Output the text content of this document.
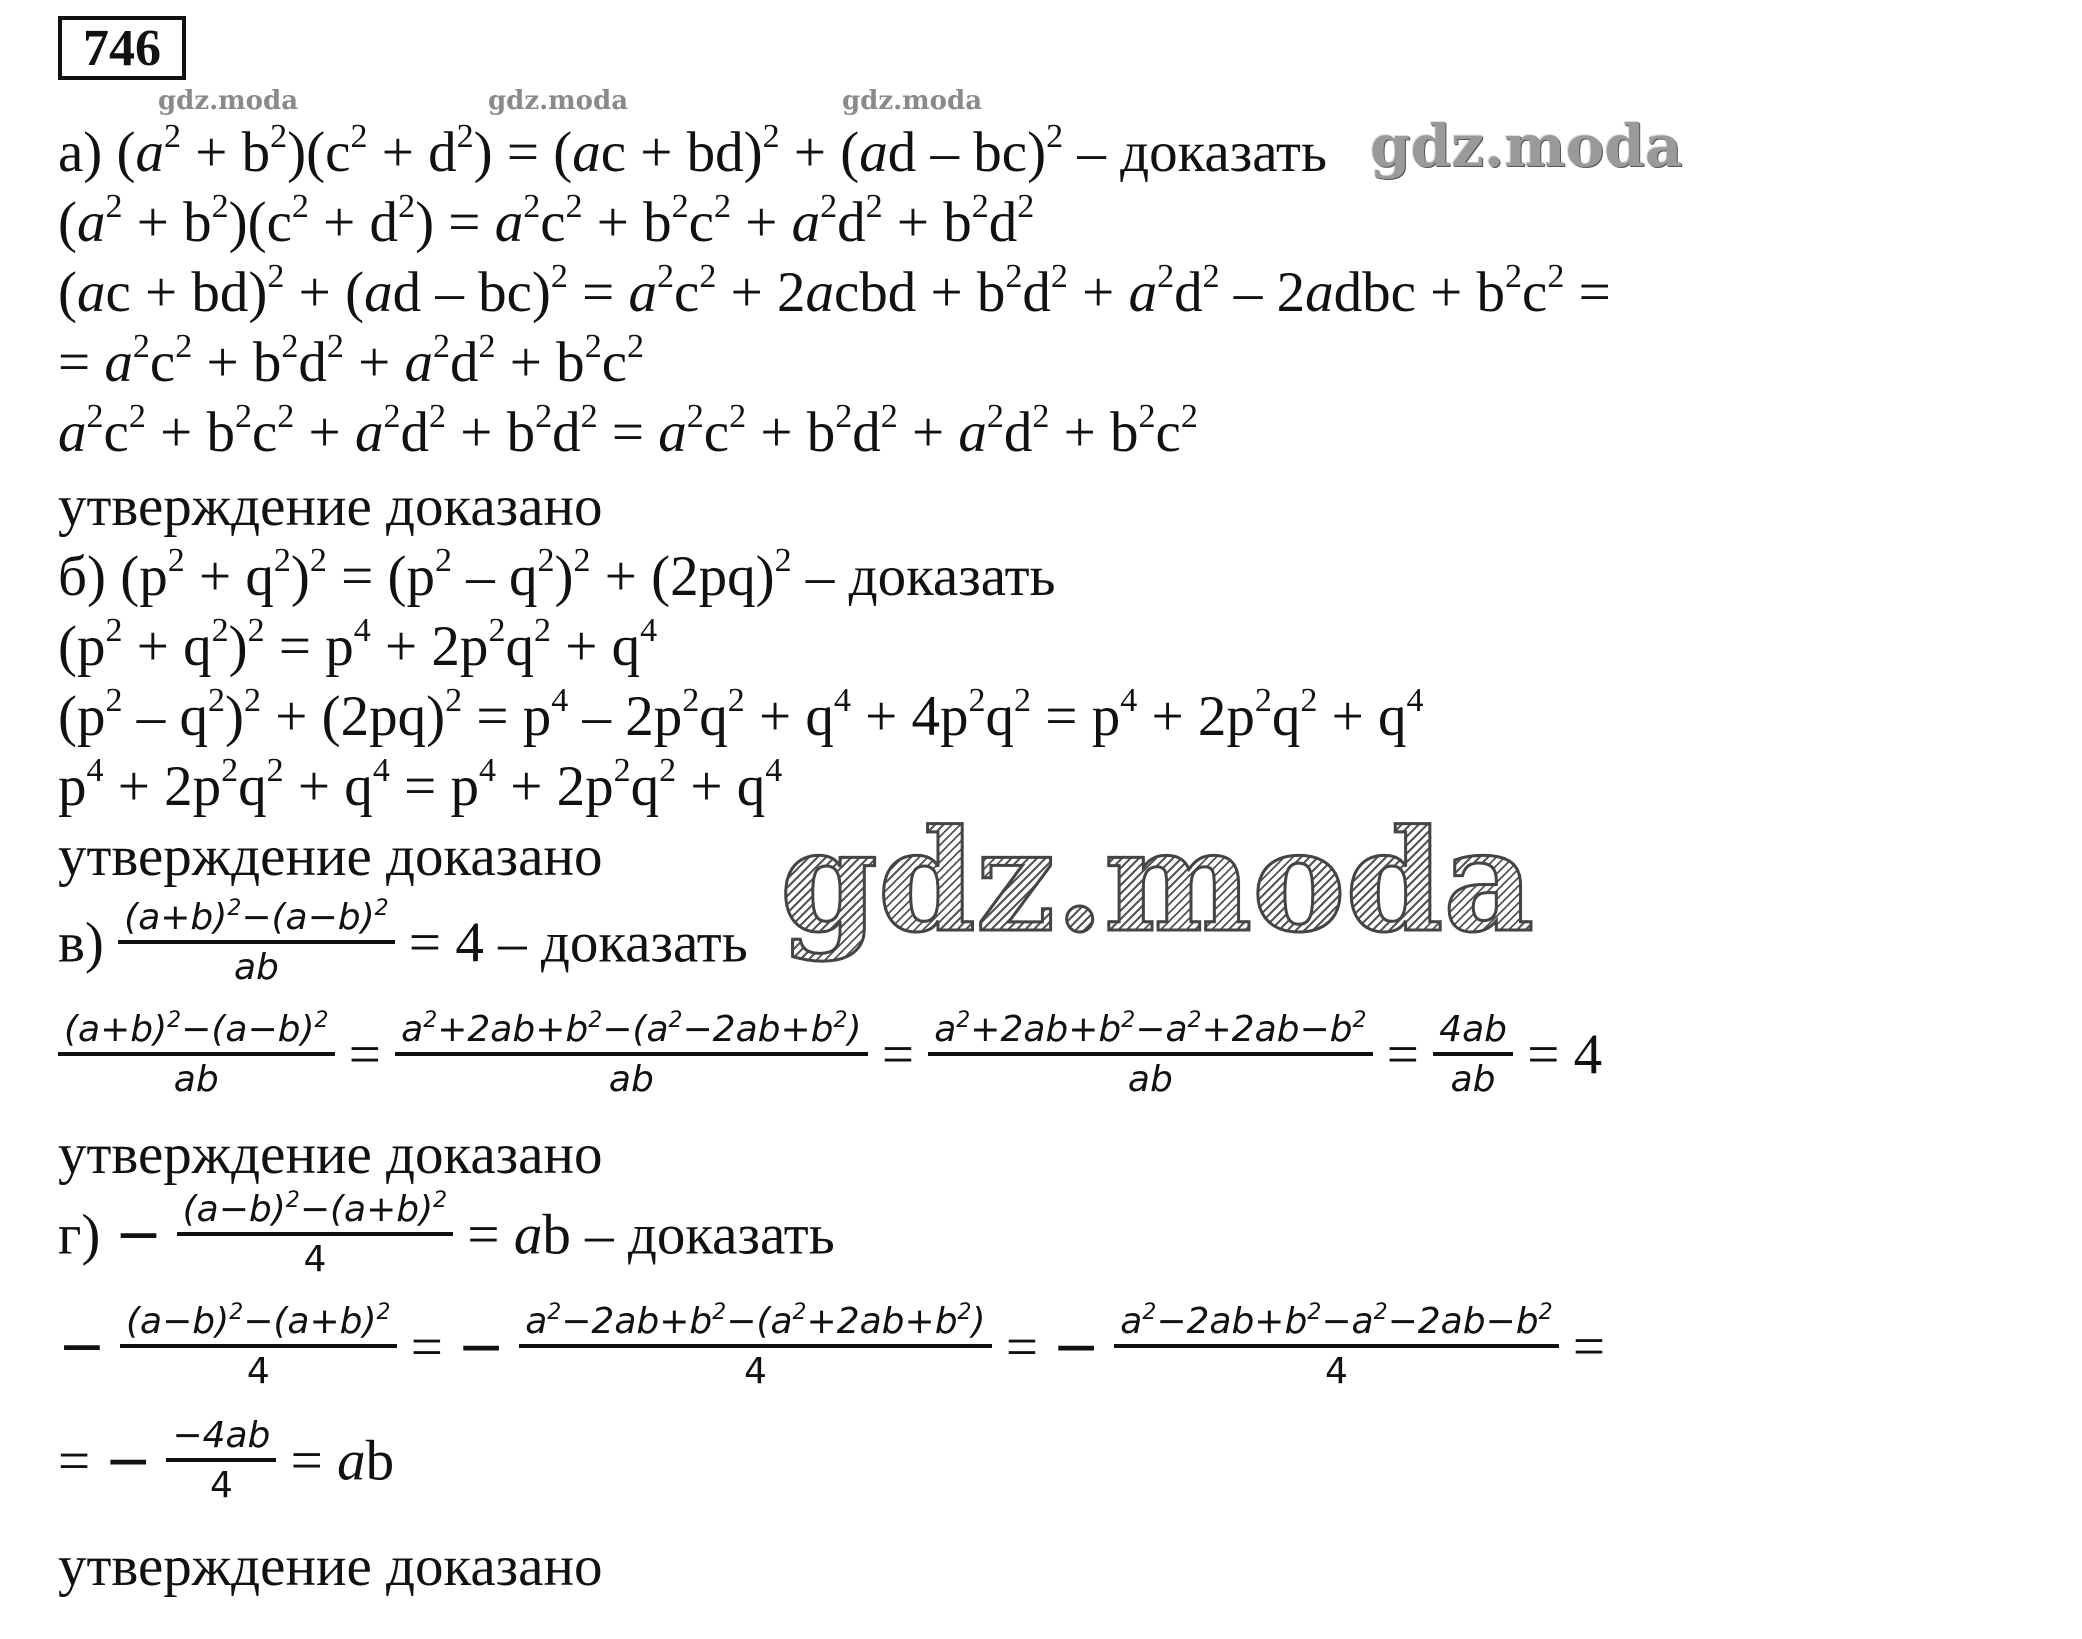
746
gdz.moda	gdz.moda	gdz.moda
а) $(a^2 + b^2)(c^2 + d^2) = (ac + bd)^2 + (ad - bc)^2$ – доказать gdz.moda
$(a^2 + b^2)(c^2 + d^2) = a^2c^2 + b^2c^2 + a^2d^2 + b^2d^2$
$(ac + bd)^2 + (ad - bc)^2 = a^2c^2$ + 2acbd + $b^2d^2 + a^2d^2$ – 2adbc + $b^2c^2$ =
= $a^2c^2 + b^2d^2 + a^2d^2 + b^2c^2$
$a^2c^2 + b^2c^2 + a^2d^2 + b^2d^2 = a^2c^2 + b^2d^2 + a^2d^2 + b^2c^2$
утверждение доказано
б) $(p^2 + q^2)^2 = (p^2 - q^2)^2 + (2pq)^2$ – доказать
$(p^2 + q^2)^2 = p^4 + 2p^2q^2 + q^4$
$(p^2 - q^2)^2 + (2pq)^2 = p^4 - 2p^2q^2 + q^4 + 4p^2q^2 = p^4 + 2p^2q^2 + q^4$
$p^4 + 2p^2q^2 + q^4 = p^4 + 2p^2q^2 + q^4$
утверждение доказано gdz.moda
$в) \frac{(a+b)^2-(a-b)^2}{ab} = 4$ – доказать
$\frac{(a+b)^2-(a-b)^2}{ab} = \frac{a^2+2ab+b^2-(a^2-2ab+b^2)}{ab} = \frac{a^2+2ab+b^2-a^2+2ab-b^2}{ab} = \frac{4ab}{ab} = 4$
утверждение доказано
$г) - \frac{(a-b)^2-(a+b)^2}{4}$ = ab – доказать
− $\frac{(a-b)^2-(a+b)^2}{4}$ = − $\frac{a^2-2ab+b^2-(a^2+2ab+b^2)}{4}$ = − $\frac{a^2-2ab+b^2-a^2-2ab-b^2}{4}$ =
= − $\frac{-4ab}{4}$ = ab
утверждение доказано
